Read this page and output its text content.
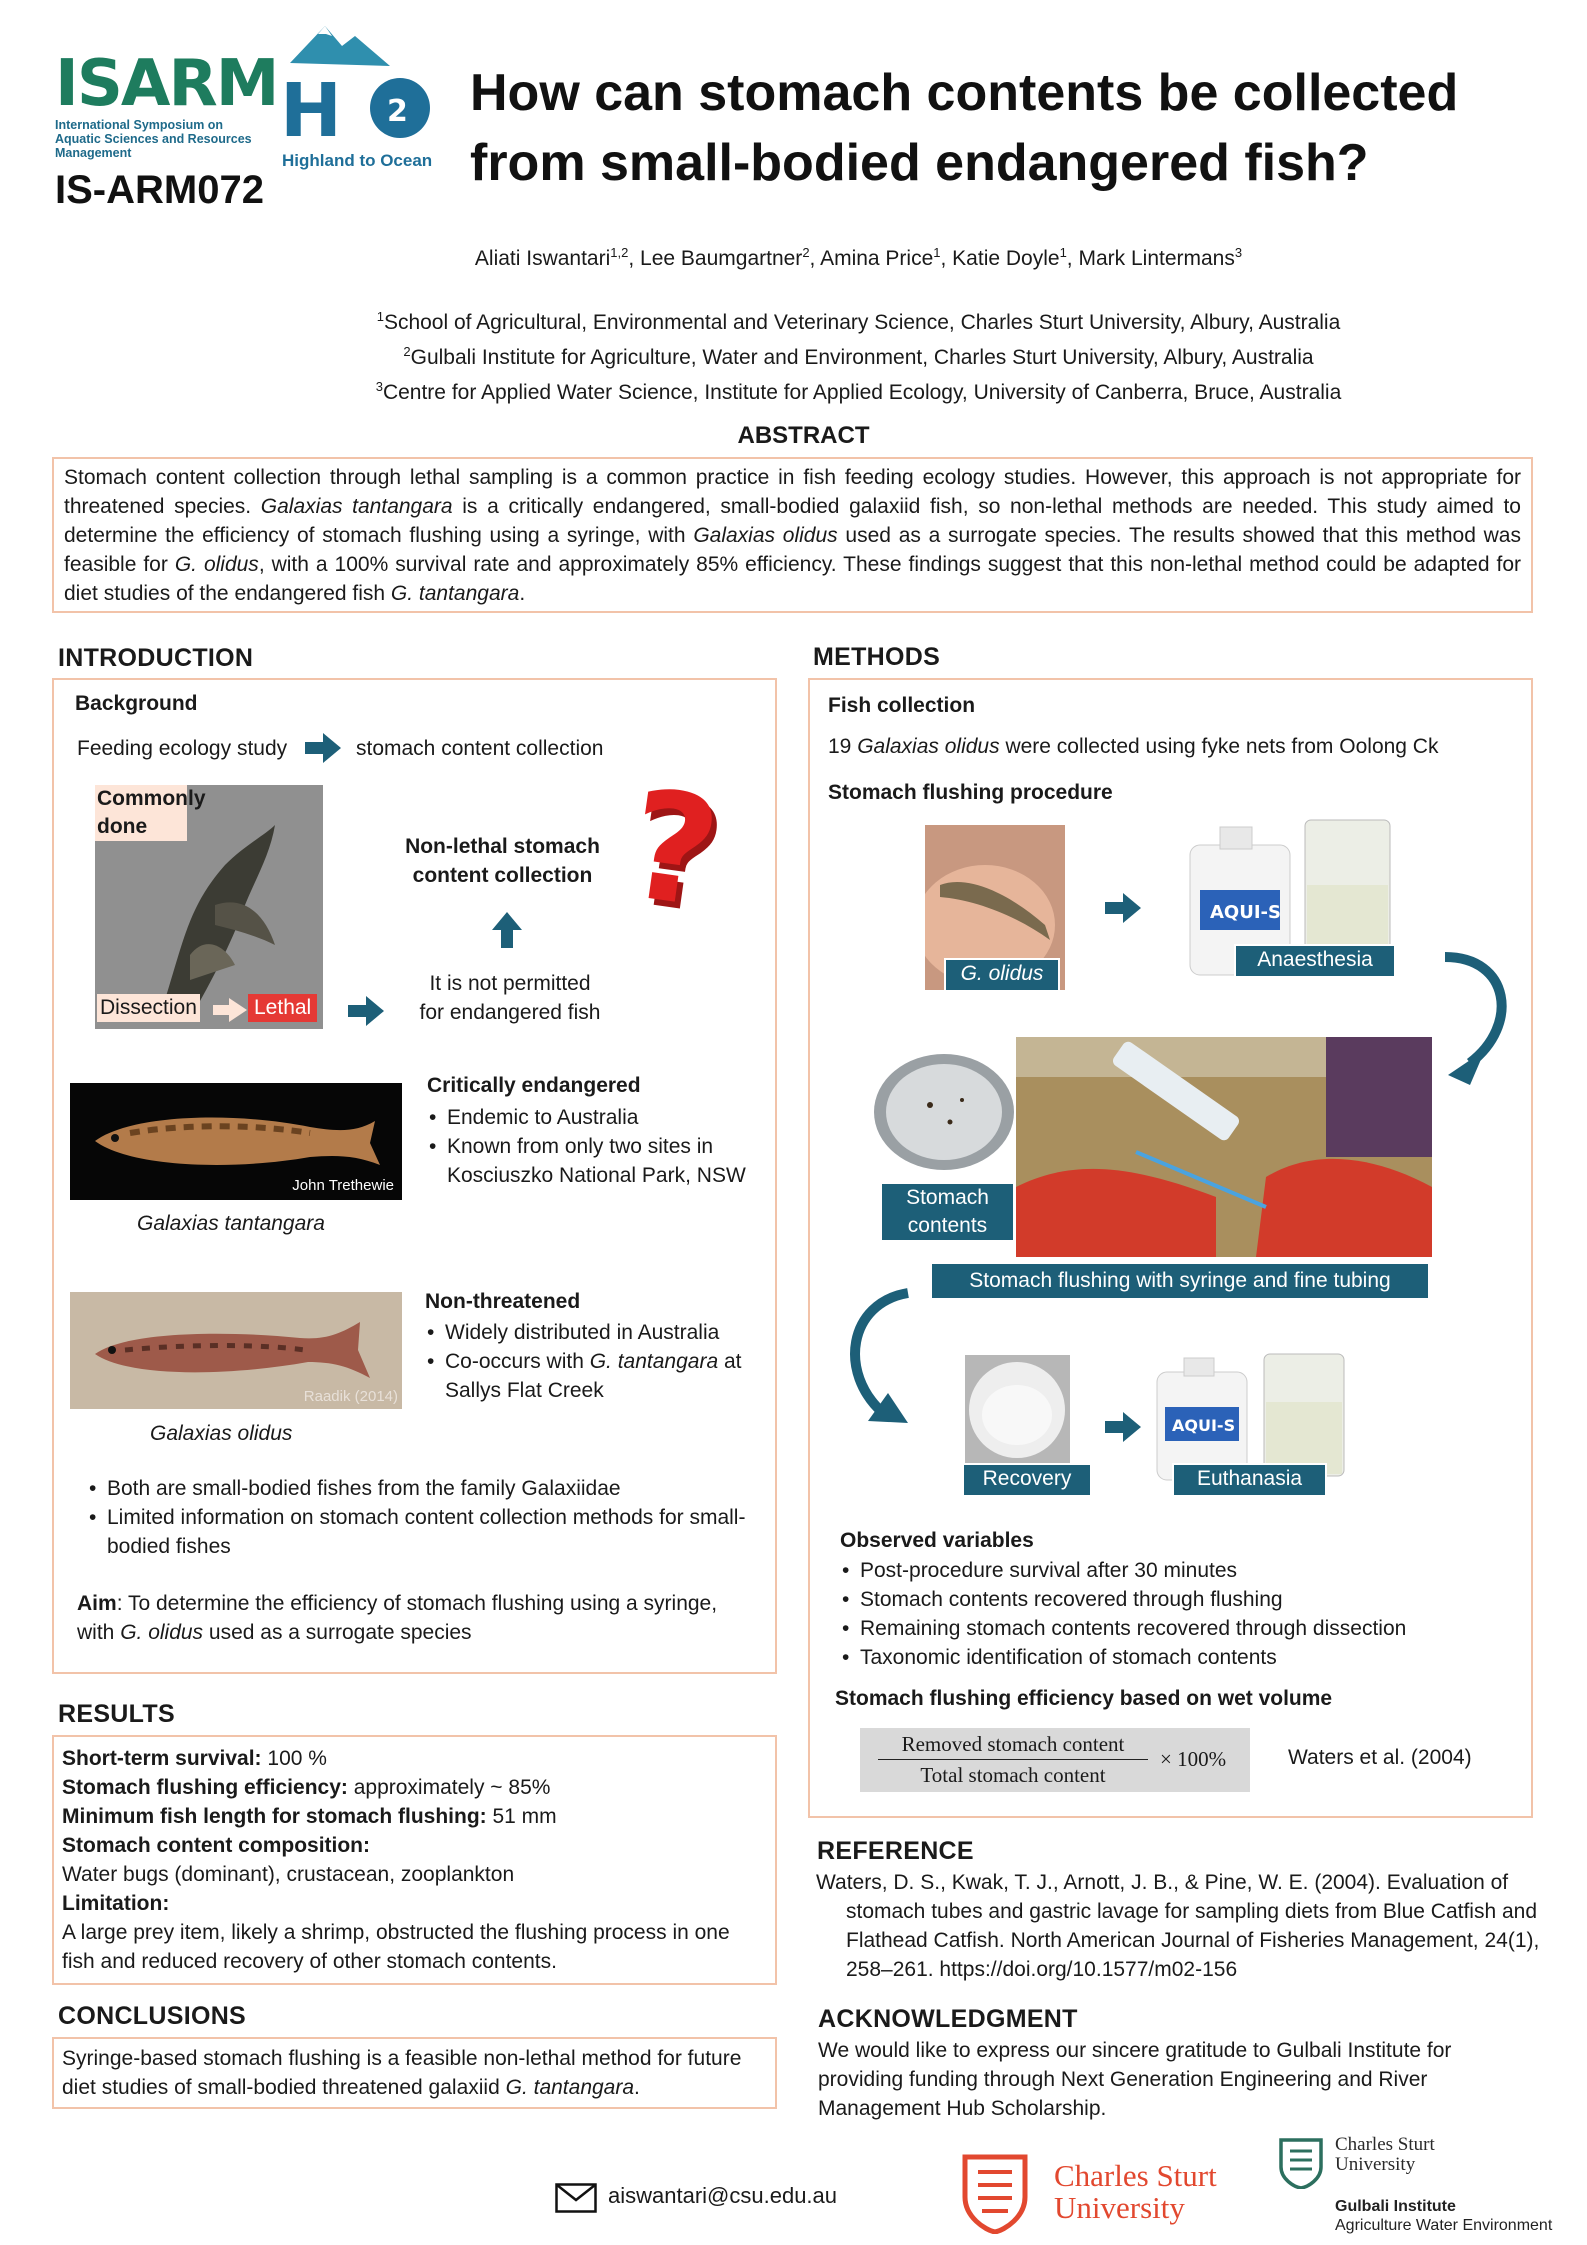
ISARM
International Symposium on Aquatic Sciences and Resources Management	H 2
Highland to Ocean
IS-ARM072
How can stomach contents be collected
from small-bodied endangered fish?
Aliati Iswantari$^{1,2}$, Lee Baumgartner$^2$, Amina Price$^1$, Katie Doyle$^1$, Mark Lintermans$^3$
$^1$School of Agricultural, Environmental and Veterinary Science, Charles Sturt University, Albury, Australia
$^2$Gulbali Institute for Agriculture, Water and Environment, Charles Sturt University, Albury, Australia
$^3$Centre for Applied Water Science, Institute for Applied Ecology, University of Canberra, Bruce, Australia
ABSTRACT
Stomach content collection through lethal sampling is a common practice in fish feeding ecology studies. However, this approach is not appropriate for threatened species. Galaxias tantangara is a critically endangered, small-bodied galaxiid fish, so non-lethal methods are needed. This study aimed to determine the efficiency of stomach flushing using a syringe, with Galaxias olidus used as a surrogate species. The results showed that this method was feasible for G. olidus, with a 100% survival rate and approximately 85% efficiency. These findings suggest that this non-lethal method could be adapted for diet studies of the endangered fish G. tantangara.
INTRODUCTION
Background
Feeding ecology study	stomach content collection
Commonly done
Dissection	Lethal
Non-lethal stomach
content collection
It is not permitted
for endangered fish
?
John Trethewie
Galaxias tantangara
Critically endangered
• Endemic to Australia
• Known from only two sites in Kosciuszko National Park, NSW
Raadik (2014)
Galaxias olidus
Non-threatened
• Widely distributed in Australia
• Co-occurs with G. tantangara at Sallys Flat Creek
• Both are small-bodied fishes from the family Galaxiidae
• Limited information on stomach content collection methods for small-bodied fishes
Aim: To determine the efficiency of stomach flushing using a syringe, with G. olidus used as a surrogate species
RESULTS
Short-term survival: 100 %
Stomach flushing efficiency: approximately ~ 85%
Minimum fish length for stomach flushing: 51 mm
Stomach content composition:
Water bugs (dominant), crustacean, zooplankton
Limitation:
A large prey item, likely a shrimp, obstructed the flushing process in one fish and reduced recovery of other stomach contents.
CONCLUSIONS
Syringe-based stomach flushing is a feasible non-lethal method for future diet studies of small-bodied threatened galaxiid G. tantangara.
METHODS
Fish collection
19 Galaxias olidus were collected using fyke nets from Oolong Ck
Stomach flushing procedure
G. olidus
AQUI-S
Anaesthesia
Stomach contents
Stomach flushing with syringe and fine tubing
Recovery
AQUI-S
Euthanasia
Observed variables
• Post-procedure survival after 30 minutes
• Stomach contents recovered through flushing
• Remaining stomach contents recovered through dissection
• Taxonomic identification of stomach contents
Stomach flushing efficiency based on wet volume
Removed stomach content
Total stomach content
× 100%	Waters et al. (2004)
REFERENCE
Waters, D. S., Kwak, T. J., Arnott, J. B., & Pine, W. E. (2004). Evaluation of stomach tubes and gastric lavage for sampling diets from Blue Catfish and Flathead Catfish. North American Journal of Fisheries Management, 24(1), 258–261. https://doi.org/10.1577/m02-156
ACKNOWLEDGMENT
We would like to express our sincere gratitude to Gulbali Institute for providing funding through Next Generation Engineering and River Management Hub Scholarship.
aiswantari@csu.edu.au
Charles Sturt
University
Charles Sturt
University
Gulbali Institute
Agriculture Water Environment
